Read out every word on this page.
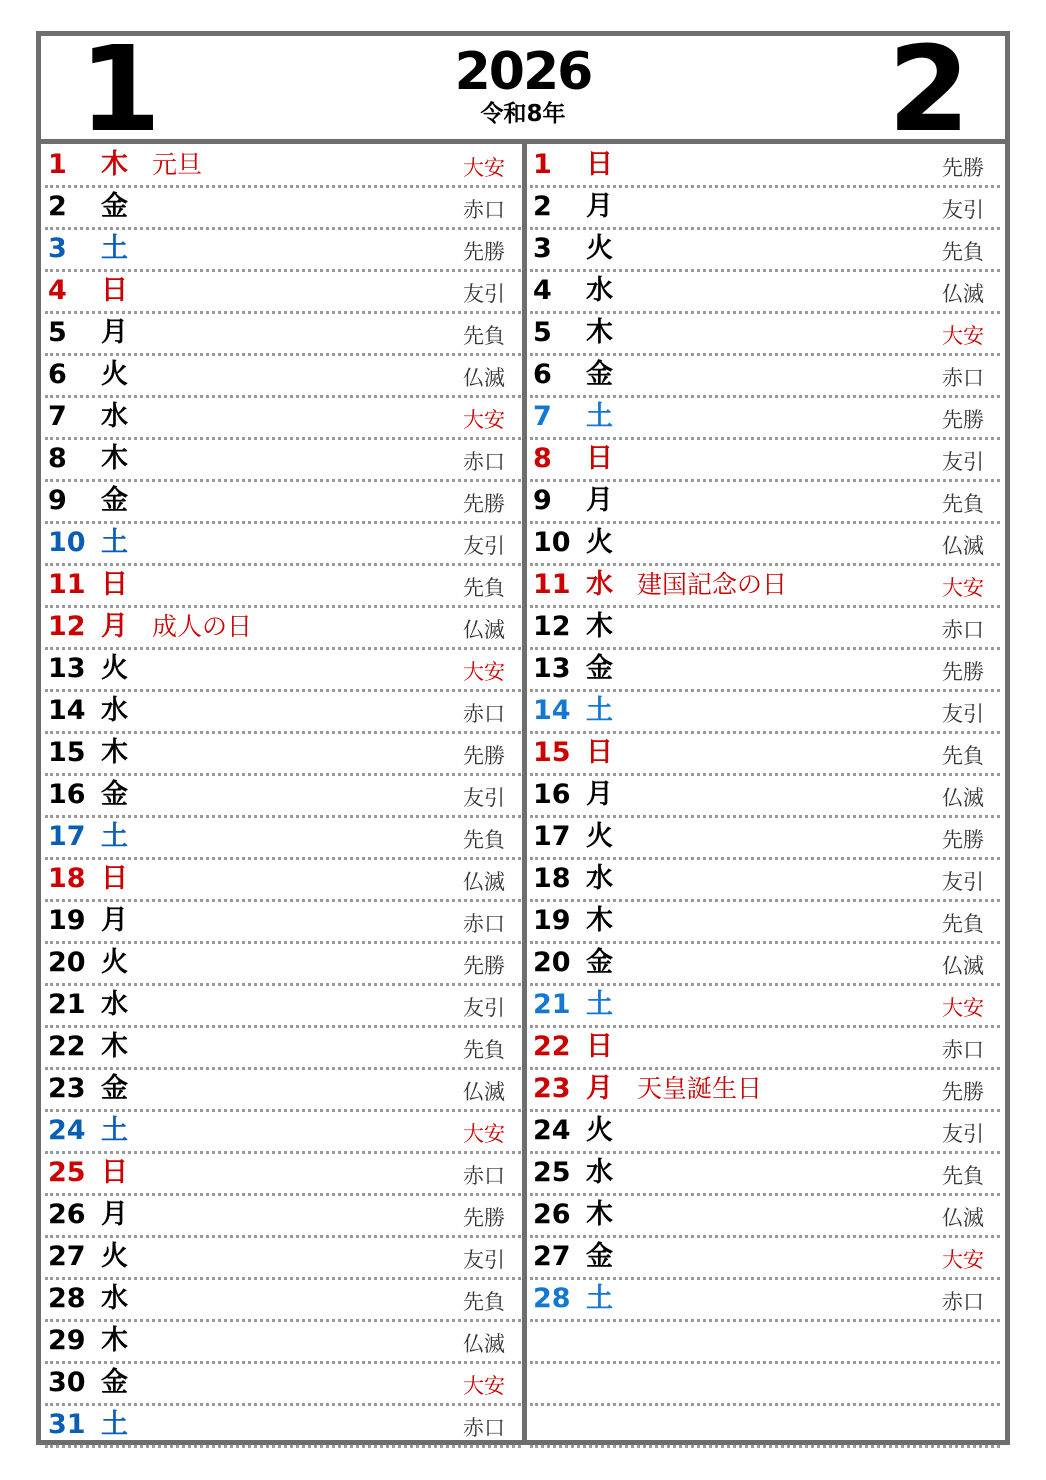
1	2026
令和8年	2
1 木 元旦	大安
2 金	赤口
3 土	先勝
4 日	友引
5 月	先負
6 火	仏滅
7 水	大安
8 木	赤口
9 金	先勝
10 土	友引
11 日	先負
12 月 成人の日	仏滅
13 火	大安
14 水	赤口
15 木	先勝
16 金	友引
17 土	先負
18 日	仏滅
19 月	赤口
20 火	先勝
21 水	友引
22 木	先負
23 金	仏滅
24 土	大安
25 日	赤口
26 月	先勝
27 火	友引
28 水	先負
29 木	仏滅
30 金	大安
31 土	赤口
1 日	先勝
2 月	友引
3 火	先負
4 水	仏滅
5 木	大安
6 金	赤口
7 土	先勝
8 日	友引
9 月	先負
10 火	仏滅
11 水 建国記念の日	大安
12 木	赤口
13 金	先勝
14 土	友引
15 日	先負
16 月	仏滅
17 火	先勝
18 水	友引
19 木	先負
20 金	仏滅
21 土	大安
22 日	赤口
23 月 天皇誕生日	先勝
24 火	友引
25 水	先負
26 木	仏滅
27 金	大安
28 土	赤口
